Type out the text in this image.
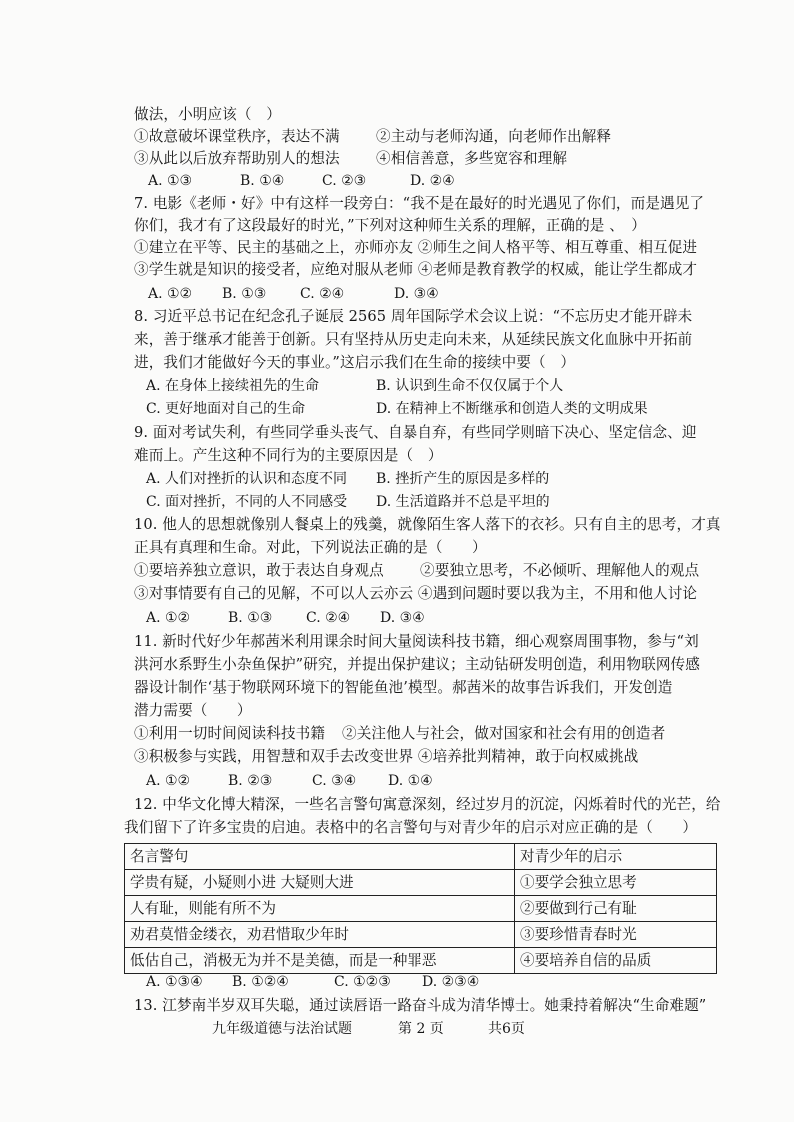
做法，小明应该（　）
①故意破坏课堂秩序，表达不满 ②主动与老师沟通，向老师作出解释
③从此以后放弃帮助别人的想法 ④相信善意，多些宽容和理解
A. ①③	B. ①④	C. ②③	D. ②④
7. 电影《老师・好》中有这样一段旁白：“我不是在最好的时光遇见了你们，而是遇见了
你们，我才有了这段最好的时光，”下列对这种师生关系的理解，正确的是 、　）
①建立在平等、民主的基础之上，亦师亦友 ②师生之间人格平等、相互尊重、相互促进
③学生就是知识的接受者，应绝对服从老师 ④老师是教育教学的权威，能让学生都成才
A. ①② B. ①③ C. ②④	D. ③④
8. 习近平总书记在纪念孔子诞辰 2565 周年国际学术会议上说：“不忘历史才能开辟未
来，善于继承才能善于创新。只有坚持从历史走向未来，从延续民族文化血脉中开拓前
进，我们才能做好今天的事业。”这启示我们在生命的接续中要（　）
A. 在身体上接续祖先的生命	B. 认识到生命不仅仅属于个人
C. 更好地面对自己的生命	D. 在精神上不断继承和创造人类的文明成果
9. 面对考试失利，有些同学垂头丧气、自暴自弃，有些同学则暗下决心、坚定信念、迎
难而上。产生这种不同行为的主要原因是（　）
A. 人们对挫折的认识和态度不同 B. 挫折产生的原因是多样的
C. 面对挫折，不同的人不同感受 D. 生活道路并不总是平坦的
10. 他人的思想就像别人餐桌上的残羹，就像陌生客人落下的衣衫。只有自主的思考，才真
正具有真理和生命。对此，下列说法正确的是（　　）
①要培养独立意识，敢于表达自身观点 ②要独立思考，不必倾听、理解他人的观点
③对事情要有自己的见解，不可以人云亦云 ④遇到问题时要以我为主，不用和他人讨论
A. ①②	B. ①③ C. ②④ D. ③④
11. 新时代好少年郝茜米利用课余时间大量阅读科技书籍，细心观察周围事物，参与“刘
洪河水系野生小杂鱼保护”研究，并提出保护建议；主动钻研发明创造，利用物联网传感
器设计制作‘基于物联网环境下的智能鱼池’模型。郝茜米的故事告诉我们，开发创造
潜力需要（　　）
①利用一切时间阅读科技书籍 ②关注他人与社会，做对国家和社会有用的创造者
③积极参与实践，用智慧和双手去改变世界 ④培养批判精神，敢于向权威挑战
A. ①②	B. ②③	C. ③④ D. ①④
12. 中华文化博大精深，一些名言警句寓意深刻，经过岁月的沉淀，闪烁着时代的光芒，给
我们留下了许多宝贵的启迪。表格中的名言警句与对青少年的启示对应正确的是（　　）
名言警句	对青少年的启示
学贵有疑，小疑则小进 大疑则大进	①要学会独立思考
人有耻，则能有所不为	②要做到行己有耻
劝君莫惜金缕衣，劝君惜取少年时	③要珍惜青春时光
低估自己，消极无为并不是美德，而是一种罪恶	④要培养自信的品质
A. ①③④ B. ①②④	C. ①②③ D. ②③④
13. 江梦南半岁双耳失聪，通过读唇语一路奋斗成为清华博士。她秉持着解决“生命难题”
九年级道德与法治试题	第 2 页	共6页
